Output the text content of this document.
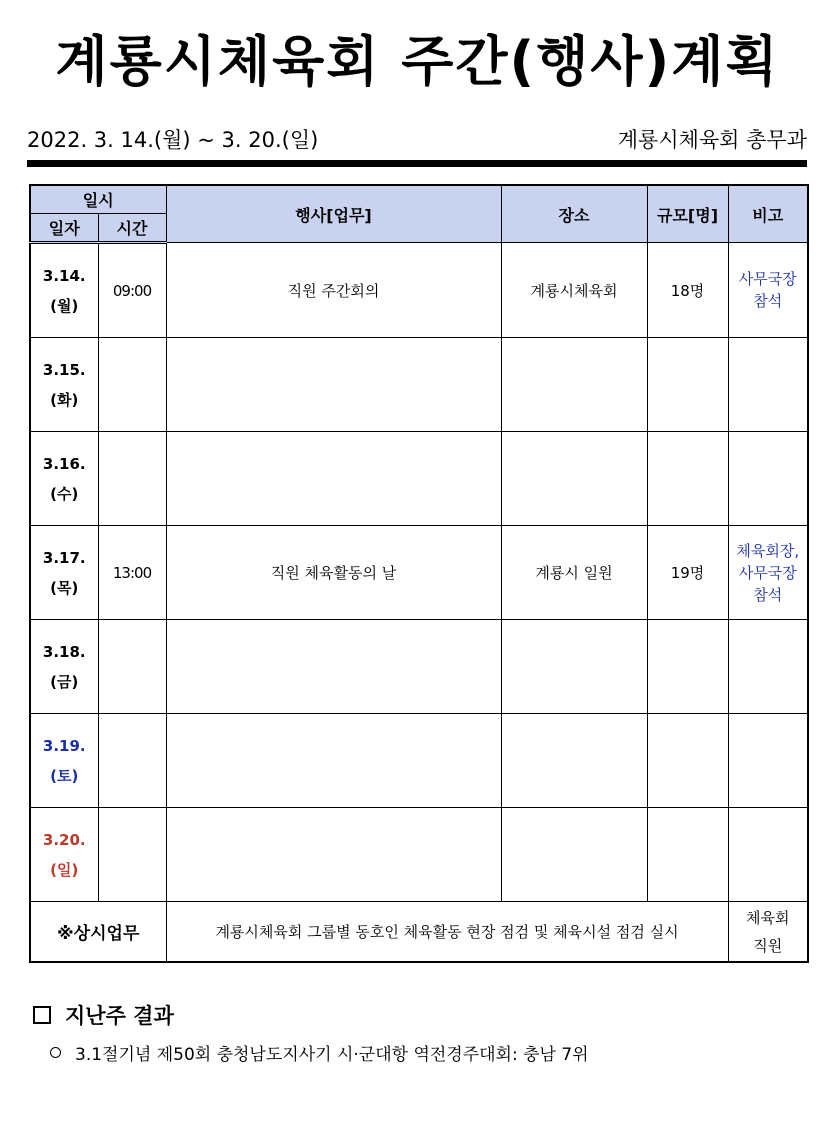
계룡시체육회 주간(행사)계획
2022. 3. 14.(월) ~ 3. 20.(일)	계룡시체육회 총무과
일시		행사[업무]	장소	규모[명]	비고
일자	시간				
3.14.
(월)	09:00	직원 주간회의	계룡시체육회	18명	사무국장
참석
3.15.
(화)					
3.16.
(수)					
3.17.
(목)	13:00	직원 체육활동의 날	계룡시 일원	19명	체육회장,
사무국장
참석
3.18.
(금)					
3.19.
(토)					
3.20.
(일)					
※상시업무		계룡시체육회 그룹별 동호인 체육활동 현장 점검 및 체육시설 점검 실시			체육회
직원
지난주 결과
3.1절기념 제50회 충청남도지사기 시·군대항 역전경주대회: 충남 7위
